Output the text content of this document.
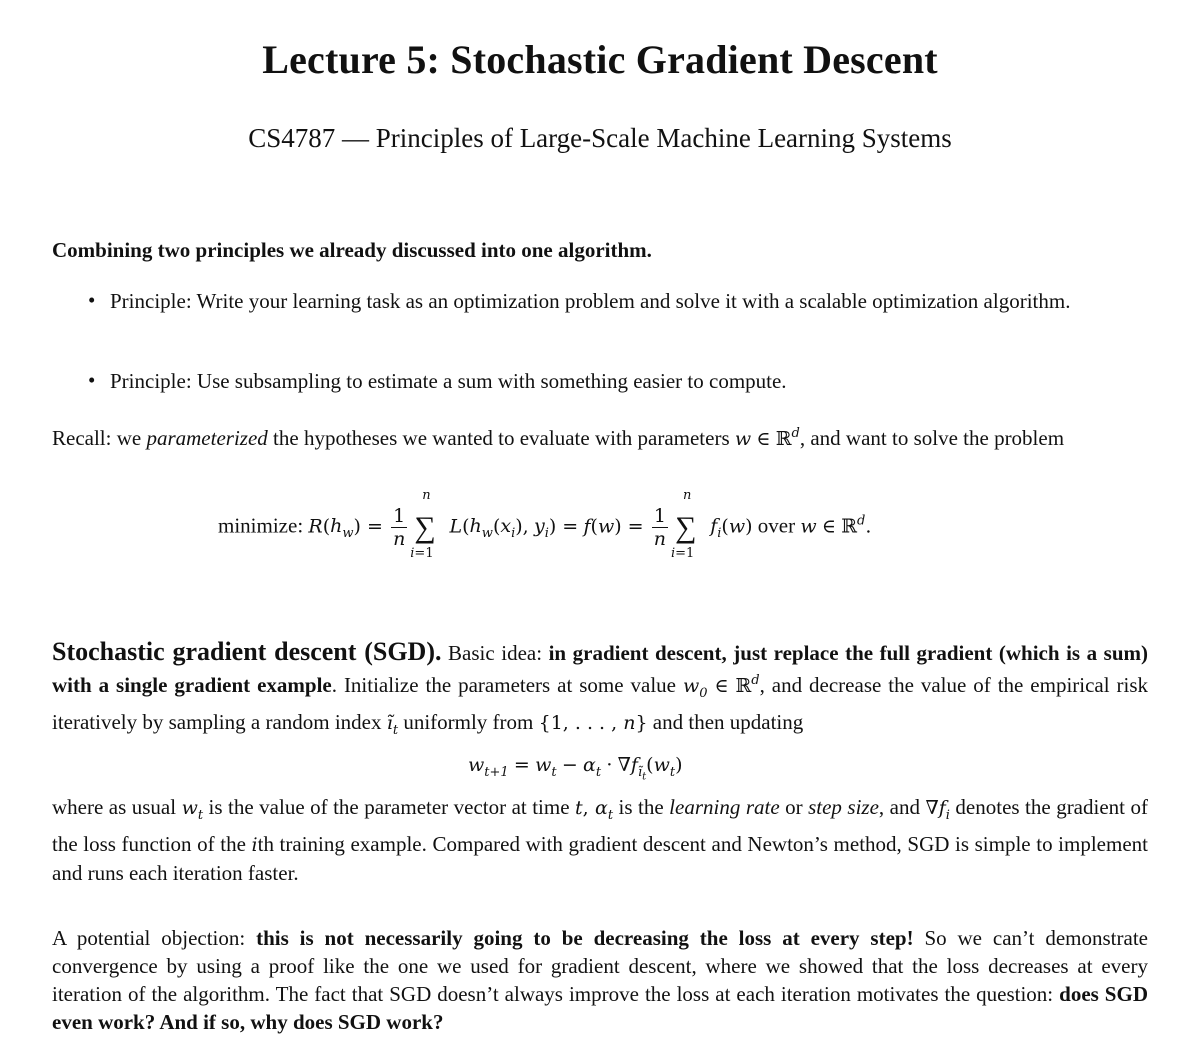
Lecture 5: Stochastic Gradient Descent
CS4787 — Principles of Large-Scale Machine Learning Systems
Combining two principles we already discussed into one algorithm.
• Principle: Write your learning task as an optimization problem and solve it with a scalable optimization algorithm.
• Principle: Use subsampling to estimate a sum with something easier to compute.
Recall: we parameterized the hypotheses we wanted to evaluate with parameters w ∈ ℝ$^d$, and want to solve the problem
minimize: $R(h_w) = \frac{1}{n}$ ∑
n
i=1
$L(h_w(x_i)$, $y_i) = f(w) = \frac{1}{n}$ ∑
n
i=1
$f_i(w)$ over w ∈ ℝ$^d$.
Stochastic gradient descent (SGD). Basic idea: in gradient descent, just replace the full gradient (which is a sum) with a single gradient example. Initialize the parameters at some value $w_0$ ∈ ℝ$^d$, and decrease the value of the empirical risk iteratively by sampling a random index $ĩ_t$ uniformly from {1, . . . , n} and then updating
$w_{t+1} = w_t - \alpha_t \cdot \nabla f_{ĩ_t}(w_t)$
where as usual $w_t$ is the value of the parameter vector at time t, $\alpha_t$ is the learning rate or step size, and $\nabla f_i$ denotes the gradient of the loss function of the ith training example. Compared with gradient descent and Newton’s method, SGD is simple to implement and runs each iteration faster.
A potential objection: this is not necessarily going to be decreasing the loss at every step! So we can’t demonstrate convergence by using a proof like the one we used for gradient descent, where we showed that the loss decreases at every iteration of the algorithm. The fact that SGD doesn’t always improve the loss at each iteration motivates the question: does SGD even work? And if so, why does SGD work?
